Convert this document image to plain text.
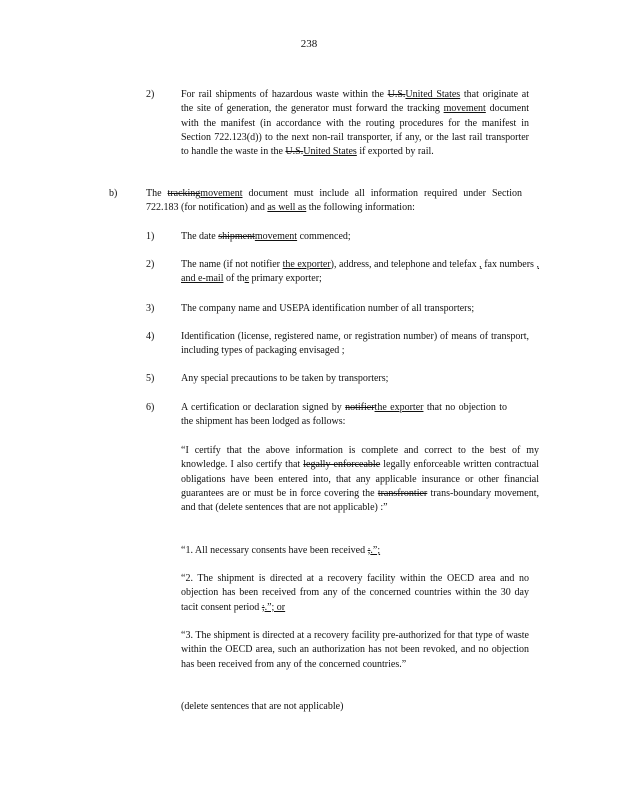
238
2)	For rail shipments of hazardous waste within the U.S.United States that originate at the site of generation, the generator must forward the tracking movement document with the manifest (in accordance with the routing procedures for the manifest in Section 722.123(d)) to the next non-rail transporter, if any, or the last rail transporter to handle the waste in the U.S.United States if exported by rail.
b)	The trackingmovement document must include all information required under Section 722.183 (for notification) and as well as the following information:
1)	The date shipmentmovement commenced;
2)	The name (if not notifier the exporter), address, and telephone and telefax , fax numbers , and e-mail of the primary exporter;
3)	The company name and USEPA identification number of all transporters;
4)	Identification (license, registered name, or registration number) of means of transport, including types of packaging envisaged ;
5)	Any special precautions to be taken by transporters;
6)	A certification or declaration signed by notifierthe exporter that no objection to the shipment has been lodged as follows:
“I certify that the above information is complete and correct to the best of my knowledge. I also certify that legally enforceable legally enforceable written contractual obligations have been entered into, that any applicable insurance or other financial guarantees are or must be in force covering the transfrontier trans-boundary movement, and that (delete sentences that are not applicable) :”
“1. All necessary consents have been received ;.”;
“2. The shipment is directed at a recovery facility within the OECD area and no objection has been received from any of the concerned countries within the 30 day tacit consent period ;.”; or
“3. The shipment is directed at a recovery facility pre-authorized for that type of waste within the OECD area, such an authorization has not been revoked, and no objection has been received from any of the concerned countries.”
(delete sentences that are not applicable)
